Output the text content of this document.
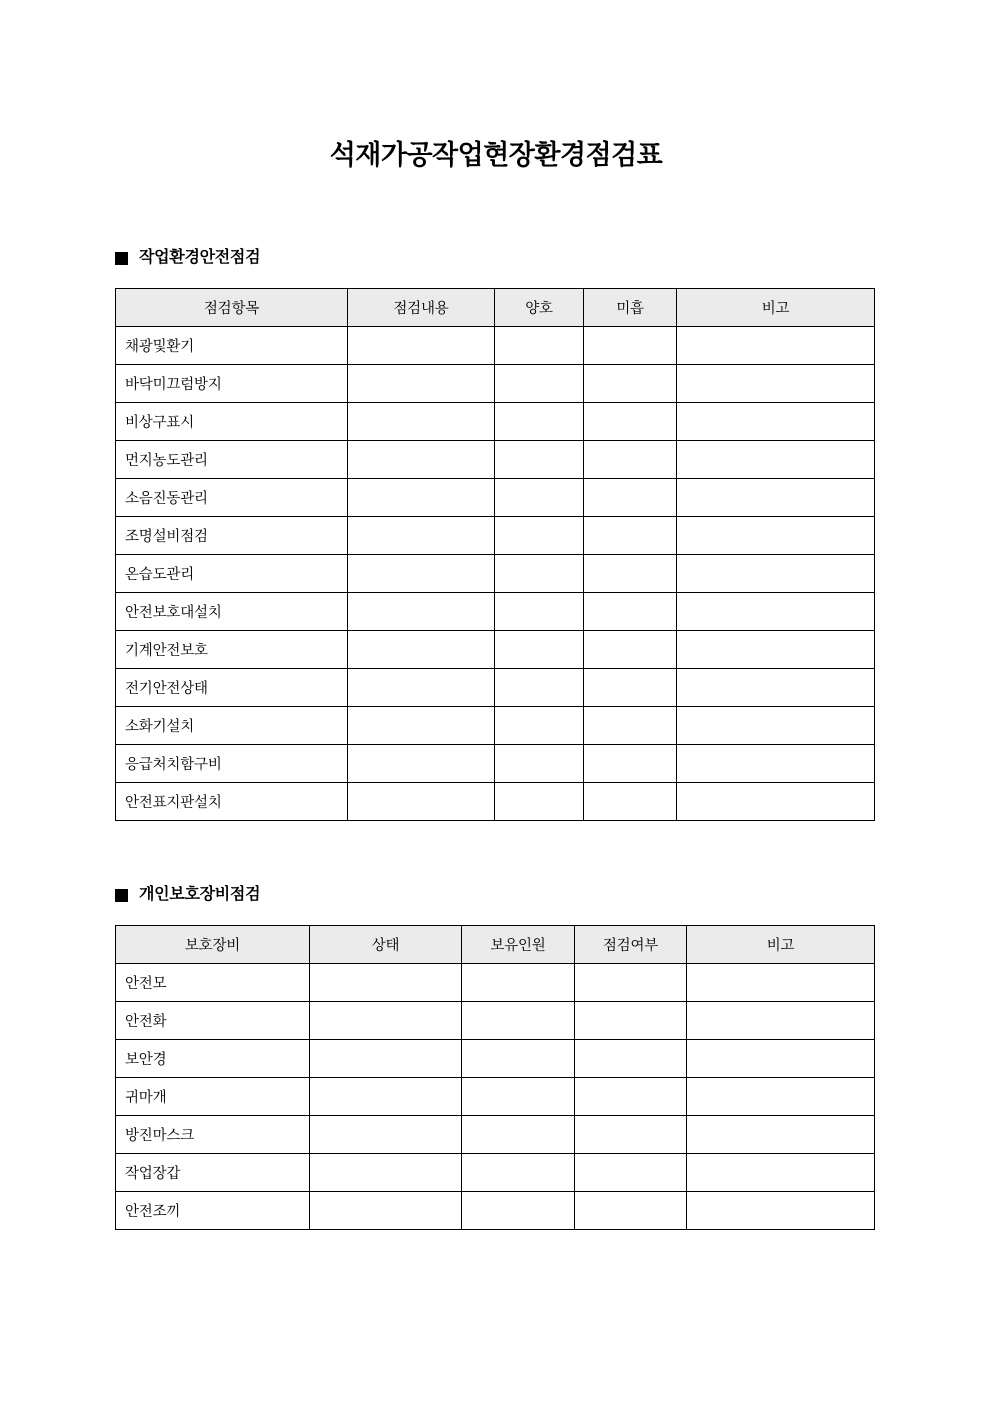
석재가공작업현장환경점검표
작업환경안전점검
점검항목	점검내용	양호	미흡	비고
채광및환기				
바닥미끄럼방지				
비상구표시				
먼지농도관리				
소음진동관리				
조명설비점검				
온습도관리				
안전보호대설치				
기계안전보호				
전기안전상태				
소화기설치				
응급처치함구비				
안전표지판설치				
개인보호장비점검
보호장비	상태	보유인원	점검여부	비고
안전모				
안전화				
보안경				
귀마개				
방진마스크				
작업장갑				
안전조끼				
